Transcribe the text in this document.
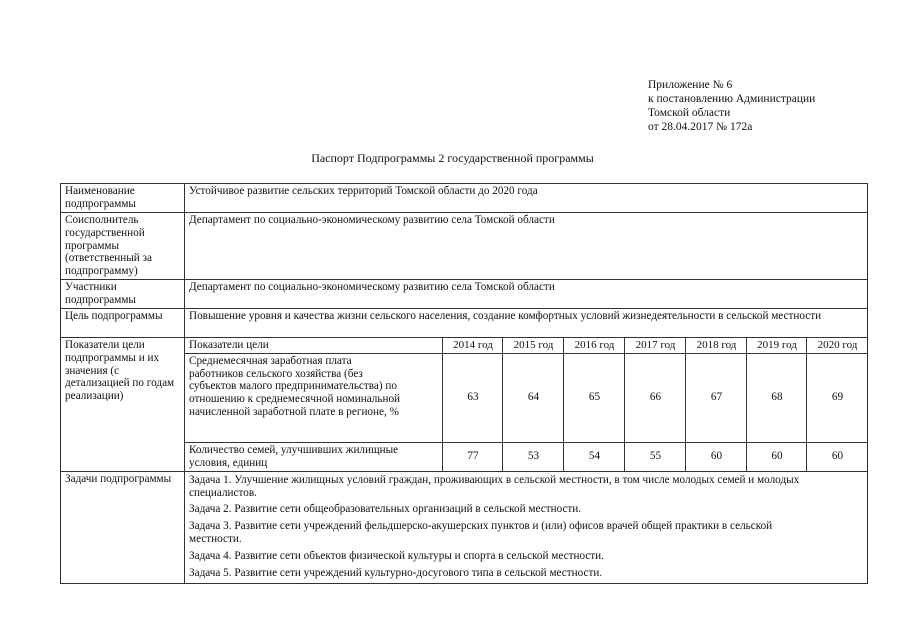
Приложение № 6
к постановлению Администрации
Томской области
от 28.04.2017 № 172а
Паспорт Подпрограммы 2 государственной программы
Наименование подпрограммы	Устойчивое развитие сельских территорий Томской области до 2020 года							
Соисполнитель государственной программы (ответственный за подпрограмму)	Департамент по социально-экономическому развитию села Томской области							
Участники подпрограммы	Департамент по социально-экономическому развитию села Томской области							
Цель подпрограммы	Повышение уровня и качества жизни сельского населения, создание комфортных условий жизнедеятельности в сельской местности							
Показатели цели подпрограммы и их значения (с детализацией по годам реализации)	Показатели цели	2014 год	2015 год	2016 год	2017 год	2018 год	2019 год	2020 год
	Среднемесячная заработная плата работников сельского хозяйства (без субъектов малого предпринимательства) по отношению к среднемесячной номинальной начисленной заработной плате в регионе, %	63	64	65	66	67	68	69
	Количество семей, улучшивших жилищные условия, единиц	77	53	54	55	60	60	60
Задачи подпрограммы	Задача 1. Улучшение жилищных условий граждан, проживающих в сельской местности, в том числе молодых семей и молодых специалистов.
Задача 2. Развитие сети общеобразовательных организаций в сельской местности.
Задача 3. Развитие сети учреждений фельдшерско-акушерских пунктов и (или) офисов врачей общей практики в сельской местности.
Задача 4. Развитие сети объектов физической культуры и спорта в сельской местности.
Задача 5. Развитие сети учреждений культурно-досугового типа в сельской местности.							
